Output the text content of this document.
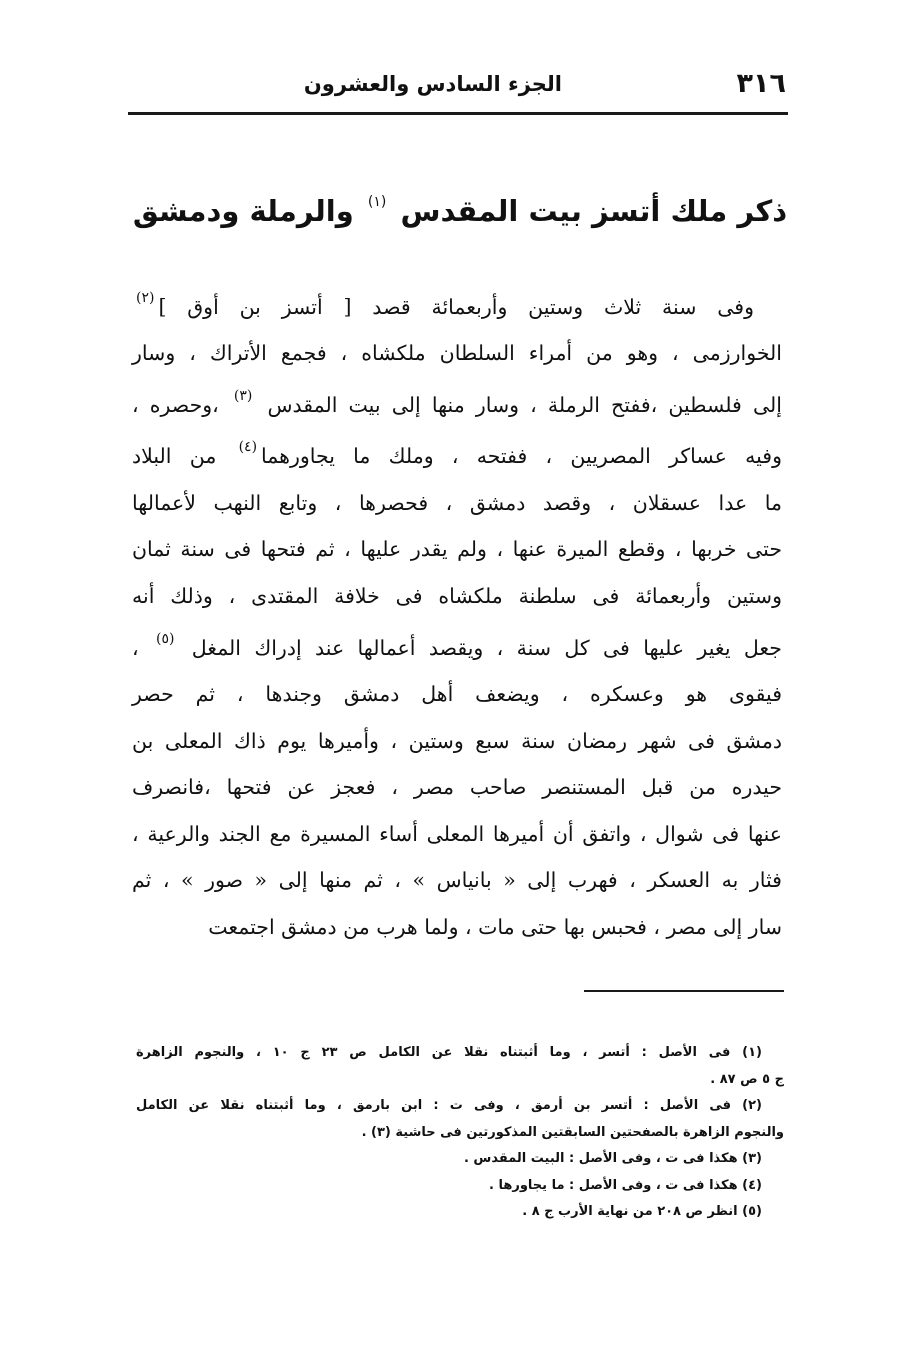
٣١٦
الجزء السادس والعشرون
ذكر ملك أتسز بيت المقدس $^{(١)}$ والرملة ودمشق
وفى سنة ثلاث وستين وأربعمائة قصد [ أتسز بن أوق ]$^{(٢)}$
الخوارزمى ، وهو من أمراء السلطان ملكشاه ، فجمع الأتراك ، وسار
إلى فلسطين ،ففتح الرملة ، وسار منها إلى بيت المقدس $^{(٣)}$ ،وحصره ،
وفيه عساكر المصريين ، ففتحه ، وملك ما يجاورهما$^{(٤)}$ من البلاد
ما عدا عسقلان ، وقصد دمشق ، فحصرها ، وتابع النهب لأعمالها
حتى خربها ، وقطع الميرة عنها ، ولم يقدر عليها ، ثم فتحها فى سنة ثمان
وستين وأربعمائة فى سلطنة ملكشاه فى خلافة المقتدى ، وذلك أنه
جعل يغير عليها فى كل سنة ، ويقصد أعمالها عند إدراك المغل $^{(٥)}$ ،
فيقوى هو وعسكره ، ويضعف أهل دمشق وجندها ، ثم حصر
دمشق فى شهر رمضان سنة سبع وستين ، وأميرها يوم ذاك المعلى بن
حيدره من قبل المستنصر صاحب مصر ، فعجز عن فتحها ،فانصرف
عنها فى شوال ، واتفق أن أميرها المعلى أساء المسيرة مع الجند والرعية ،
فثار به العسكر ، فهرب إلى « بانياس » ، ثم منها إلى « صور » ، ثم
سار إلى مصر ، فحبس بها حتى مات ، ولما هرب من دمشق اجتمعت
(١) فى الأصل : أتسر ، وما أثبتناه نقلا عن الكامل ص ٢٣ ج ١٠ ، والنجوم الزاهرة
ج ٥ ص ٨٧ .
(٢) فى الأصل : أتسر بن أرمق ، وفى ت : ابن بارمق ، وما أثبتناه نقلا عن الكامل
والنجوم الزاهرة بالصفحتين السابقتين المذكورتين فى حاشية (٣) .
(٣) هكذا فى ت ، وفى الأصل : البيت المقدس .
(٤) هكذا فى ت ، وفى الأصل : ما يجاورها .
(٥) انظر ص ٢٠٨ من نهاية الأرب ج ٨ .
